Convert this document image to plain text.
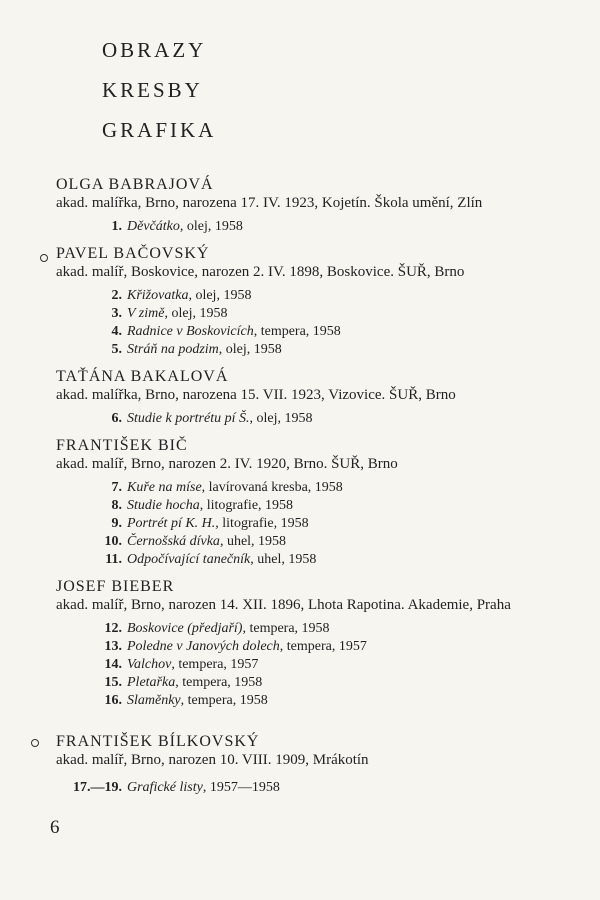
OBRAZY
KRESBY
GRAFIKA
OLGA BABRAJOVÁ
akad. malířka, Brno, narozena 17. IV. 1923, Kojetín. Škola umění, Zlín
1. Děvčátko , olej, 1958
PAVEL BAČOVSKÝ
akad. malíř, Boskovice, narozen 2. IV. 1898, Boskovice. ŠUŘ, Brno
2. Křižovatka , olej, 1958
3. V zimě , olej, 1958
4. Radnice v Boskovicích , tempera, 1958
5. Stráň na podzim , olej, 1958
TAŤÁNA BAKALOVÁ
akad. malířka, Brno, narozena 15. VII. 1923, Vizovice. ŠUŘ, Brno
6. Studie k portrétu pí Š. , olej, 1958
FRANTIŠEK BIČ
akad. malíř, Brno, narozen 2. IV. 1920, Brno. ŠUŘ, Brno
7. Kuře na míse , lavírovaná kresba, 1958
8. Studie hocha , litografie, 1958
9. Portrét pí K. H. , litografie, 1958
10. Černošská dívka , uhel, 1958
11. Odpočívající tanečník , uhel, 1958
JOSEF BIEBER
akad. malíř, Brno, narozen 14. XII. 1896, Lhota Rapotina. Akademie, Praha
12. Boskovice (předjaří) , tempera, 1958
13. Poledne v Janových dolech , tempera, 1957
14. Valchov , tempera, 1957
15. Pletařka , tempera, 1958
16. Slaměnky , tempera, 1958
FRANTIŠEK BÍLKOVSKÝ
akad. malíř, Brno, narozen 10. VIII. 1909, Mrákotín
17.—19. Grafické listy , 1957—1958
6
